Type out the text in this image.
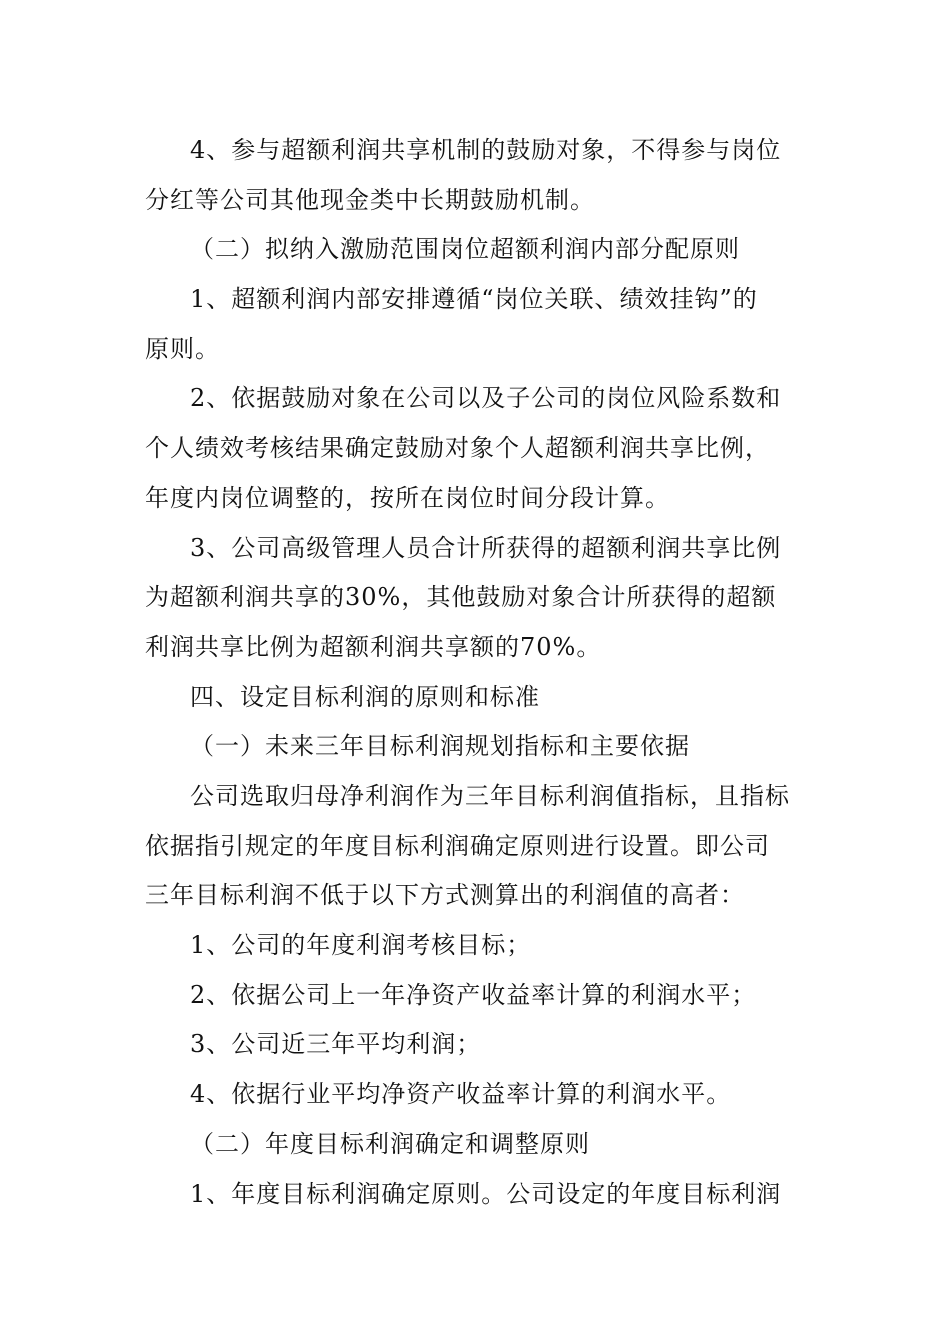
4、参与超额利润共享机制的鼓励对象，不得参与岗位
分红等公司其他现金类中长期鼓励机制。
（二）拟纳入激励范围岗位超额利润内部分配原则
1、超额利润内部安排遵循“岗位关联、绩效挂钩”的
原则。
2、依据鼓励对象在公司以及子公司的岗位风险系数和
个人绩效考核结果确定鼓励对象个人超额利润共享比例，
年度内岗位调整的，按所在岗位时间分段计算。
3、公司高级管理人员合计所获得的超额利润共享比例
为超额利润共享的30%，其他鼓励对象合计所获得的超额
利润共享比例为超额利润共享额的70%。
四、设定目标利润的原则和标准
（一）未来三年目标利润规划指标和主要依据
公司选取归母净利润作为三年目标利润值指标，且指标
依据指引规定的年度目标利润确定原则进行设置。即公司
三年目标利润不低于以下方式测算出的利润值的高者：
1、公司的年度利润考核目标；
2、依据公司上一年净资产收益率计算的利润水平；
3、公司近三年平均利润；
4、依据行业平均净资产收益率计算的利润水平。
（二）年度目标利润确定和调整原则
1、年度目标利润确定原则。公司设定的年度目标利润
